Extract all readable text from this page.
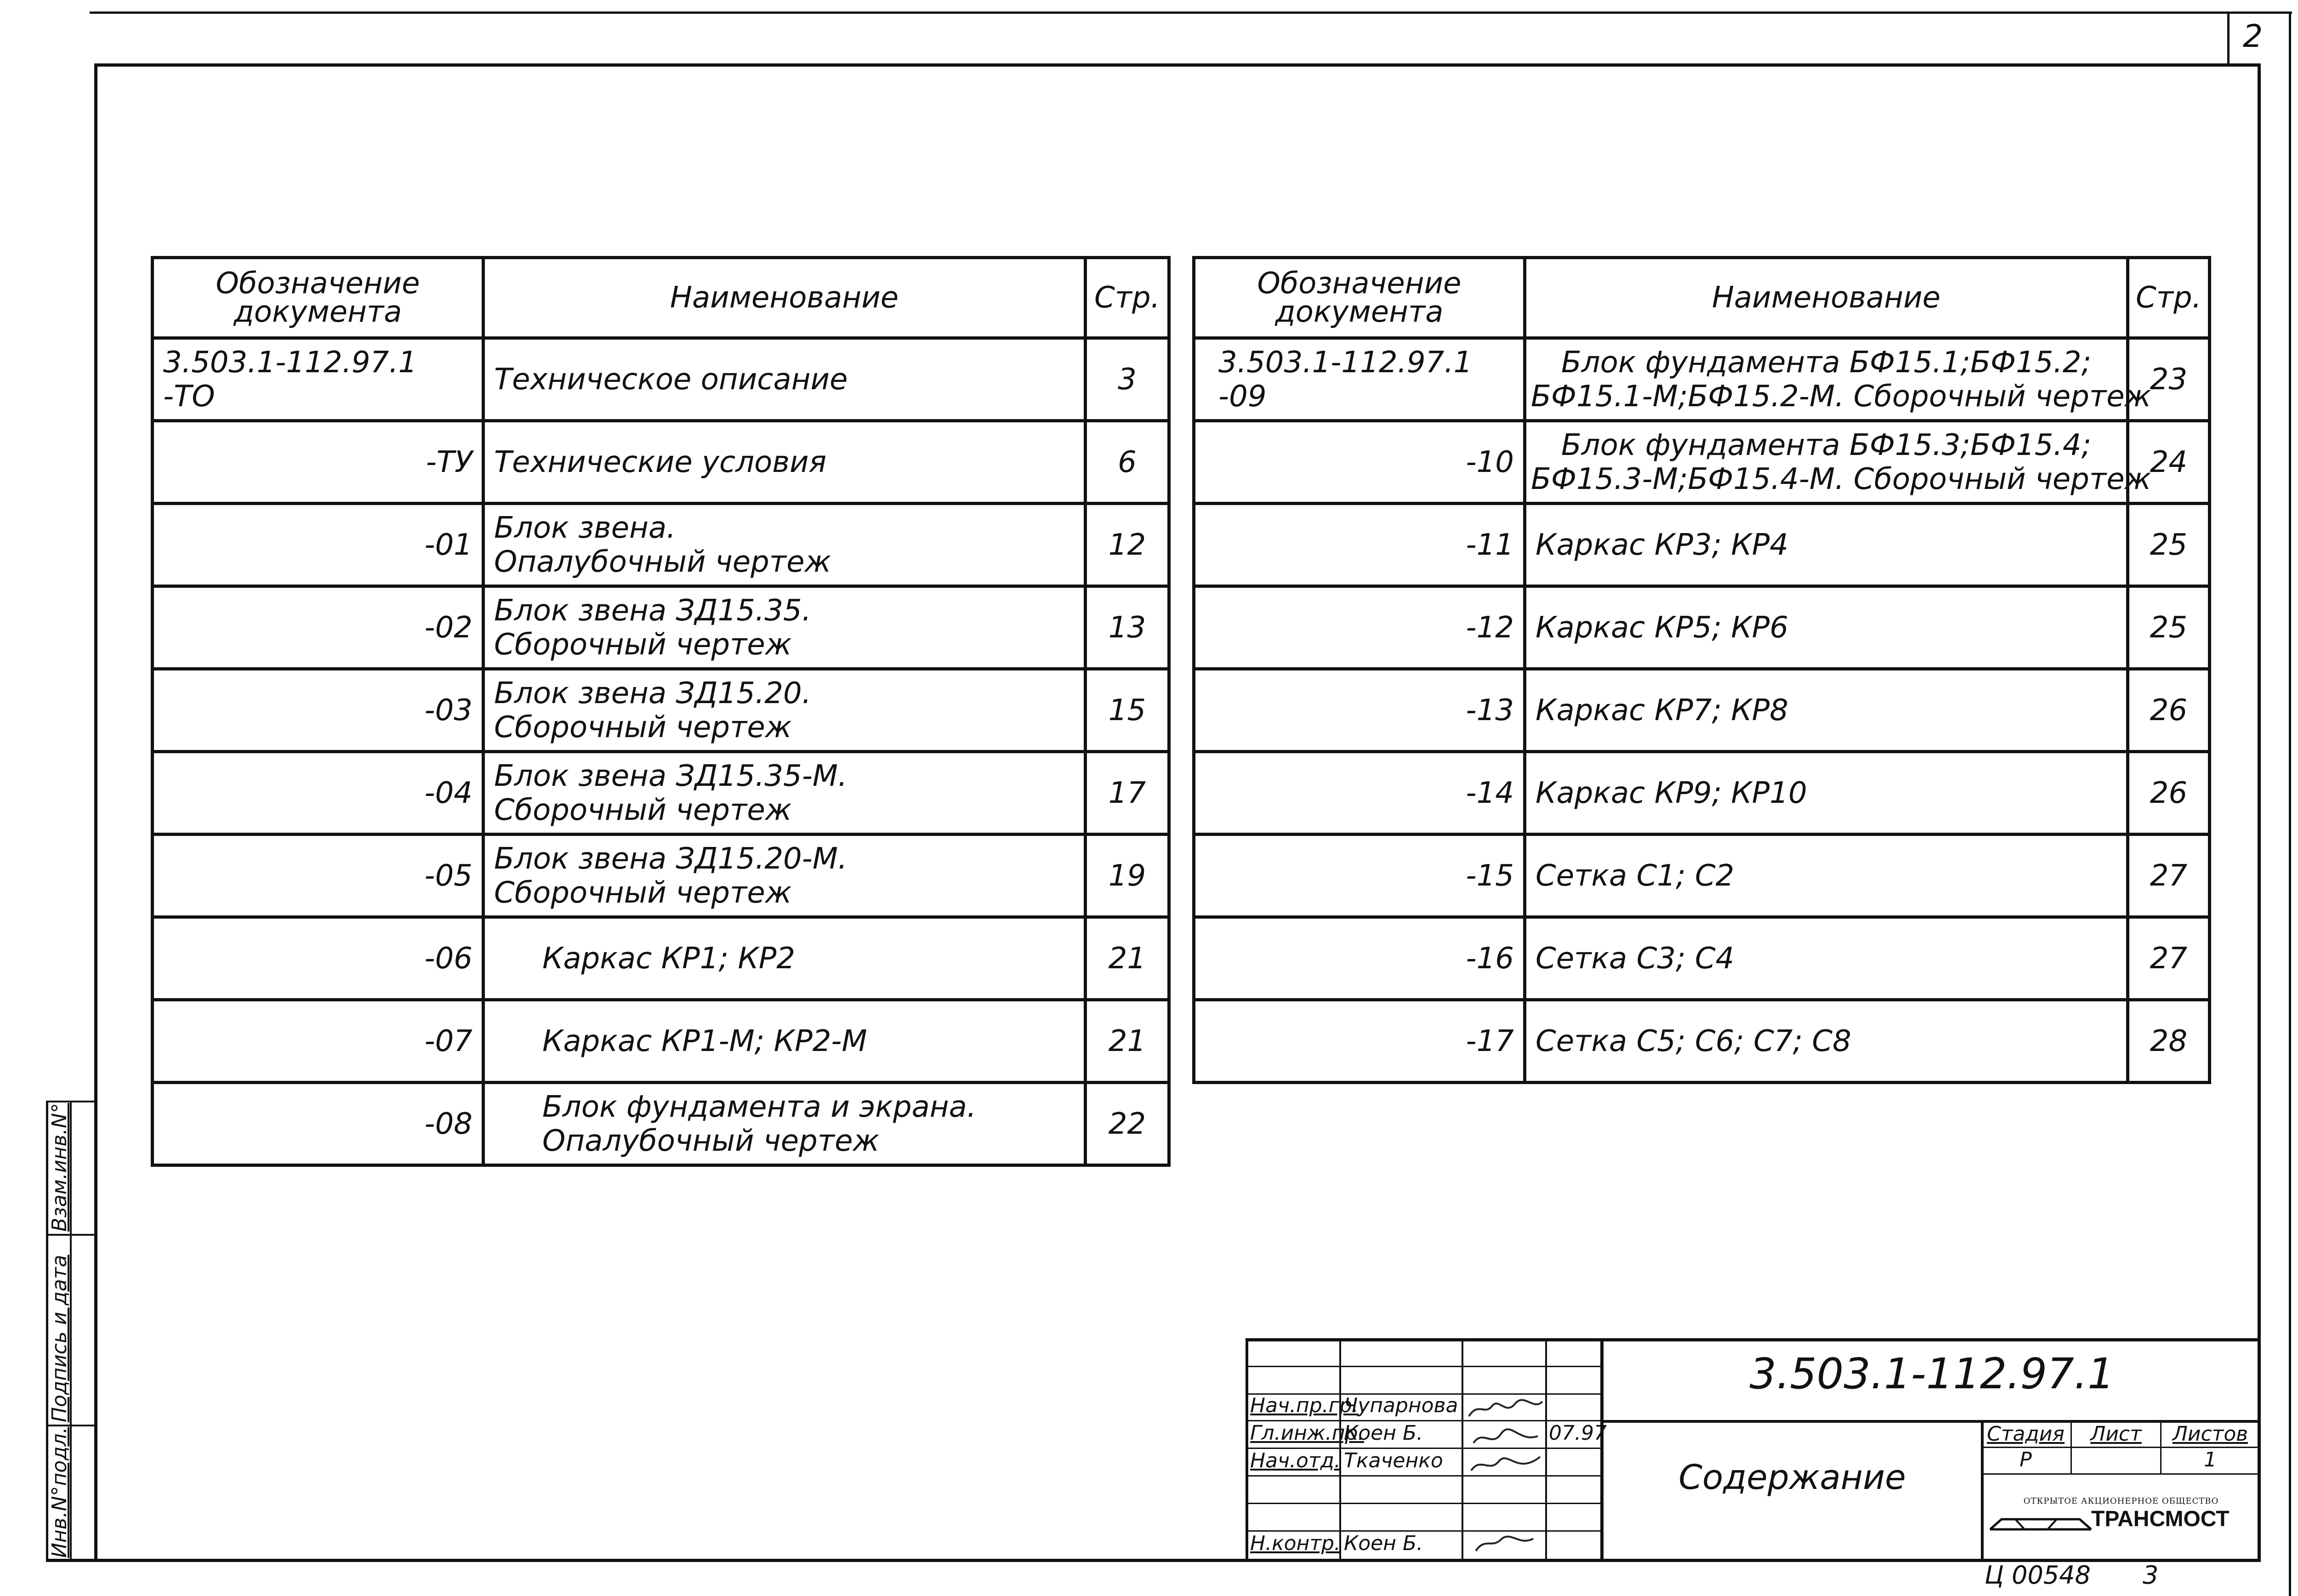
2
Обозначение
документа	Наименование	Стр.
3.503.1-112.97.1 -ТО	Техническое описание	3
-ТУ	Технические условия	6
-01	Блок звена.
Опалубочный чертеж	12
-02	Блок звена ЗД15.35.
Сборочный чертеж	13
-03	Блок звена ЗД15.20.
Сборочный чертеж	15
-04	Блок звена ЗД15.35-М.
Сборочный чертеж	17
-05	Блок звена ЗД15.20-М.
Сборочный чертеж	19
-06	Каркас КР1; КР2	21
-07	Каркас КР1-М; КР2-М	21
-08	Блок фундамента и экрана.
Опалубочный чертеж	22
Обозначение
документа	Наименование	Стр.
3.503.1-112.97.1 -09	Блок фундамента БФ15.1;БФ15.2;
БФ15.1-М;БФ15.2-М. Сборочный чертеж	23
-10	Блок фундамента БФ15.3;БФ15.4;
БФ15.3-М;БФ15.4-М. Сборочный чертеж	24
-11	Каркас КР3; КР4	25
-12	Каркас КР5; КР6	25
-13	Каркас КР7; КР8	26
-14	Каркас КР9; КР10	26
-15	Сетка С1; С2	27
-16	Сетка С3; С4	27
-17	Сетка С5; С6; С7; С8	28
Инв.N°подл.
Подпись и дата
Взам.инв.N°
Нач.пр.гр.
Чупарнова
Гл.инж.пр.
Коен Б.	07.97
Нач.отд. Ткаченко
Н.контр. Коен Б.
3.503.1-112.97.1
Содержание
Стадия	Лист	Листов
Р	1
ОТКРЫТОЕ АКЦИОНЕРНОЕ ОБЩЕСТВО
ТРАНСМОСТ
Ц 00548 3
